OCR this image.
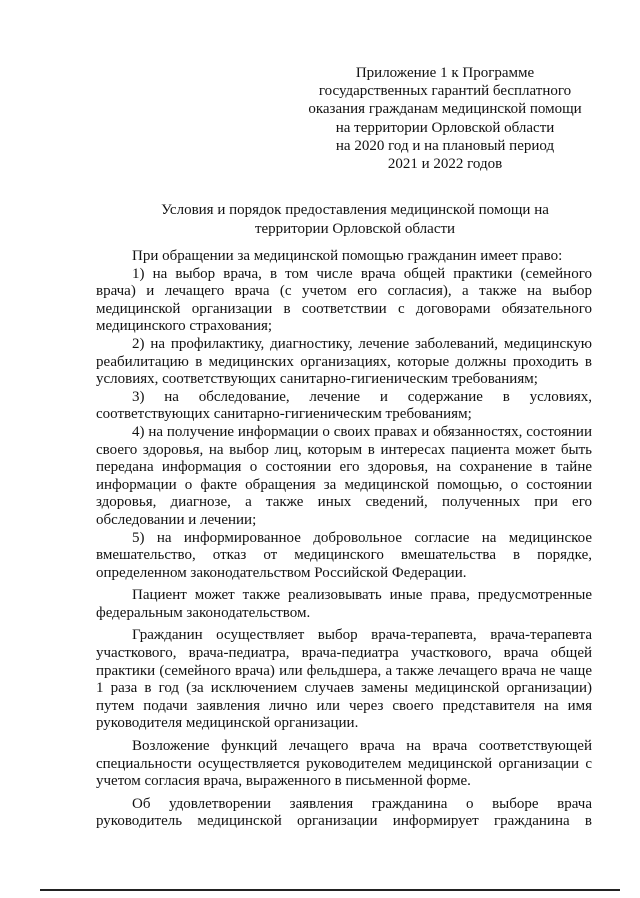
Приложение 1 к Программе
государственных гарантий бесплатного
оказания гражданам медицинской помощи
на территории Орловской области
на 2020 год и на плановый период
2021 и 2022 годов
Условия и порядок предоставления медицинской помощи на
территории Орловской области

При обращении за медицинской помощью гражданин имеет право:

1) на выбор врача, в том числе врача общей практики (семейного врача) и лечащего врача (с учетом его согласия), а также на выбор медицинской организации в соответствии с договорами обязательного медицинского страхования;

2) на профилактику, диагностику, лечение заболеваний, медицинскую реабилитацию в медицинских организациях, которые должны проходить в условиях, соответствующих санитарно-гигиеническим требованиям;

3) на обследование, лечение и содержание в условиях, соответствующих санитарно-гигиеническим требованиям;

4) на получение информации о своих правах и обязанностях, состоянии своего здоровья, на выбор лиц, которым в интересах пациента может быть передана информация о состоянии его здоровья, на сохранение в тайне информации о факте обращения за медицинской помощью, о состоянии здоровья, диагнозе, а также иных сведений, полученных при его обследовании и лечении;

5) на информированное добровольное согласие на медицинское вмешательство, отказ от медицинского вмешательства в порядке, определенном законодательством Российской Федерации.

Пациент может также реализовывать иные права, предусмотренные федеральным законодательством.

Гражданин осуществляет выбор врача-терапевта, врача-терапевта участкового, врача-педиатра, врача-педиатра участкового, врача общей практики (семейного врача) или фельдшера, а также лечащего врача не чаще 1 раза в год (за исключением случаев замены медицинской организации) путем подачи заявления лично или через своего представителя на имя руководителя медицинской организации.

Возложение функций лечащего врача на врача соответствующей специальности осуществляется руководителем медицинской организации с учетом согласия врача, выраженного в письменной форме.

Об удовлетворении заявления гражданина о выборе врача руководитель медицинской организации информирует гражданина в
